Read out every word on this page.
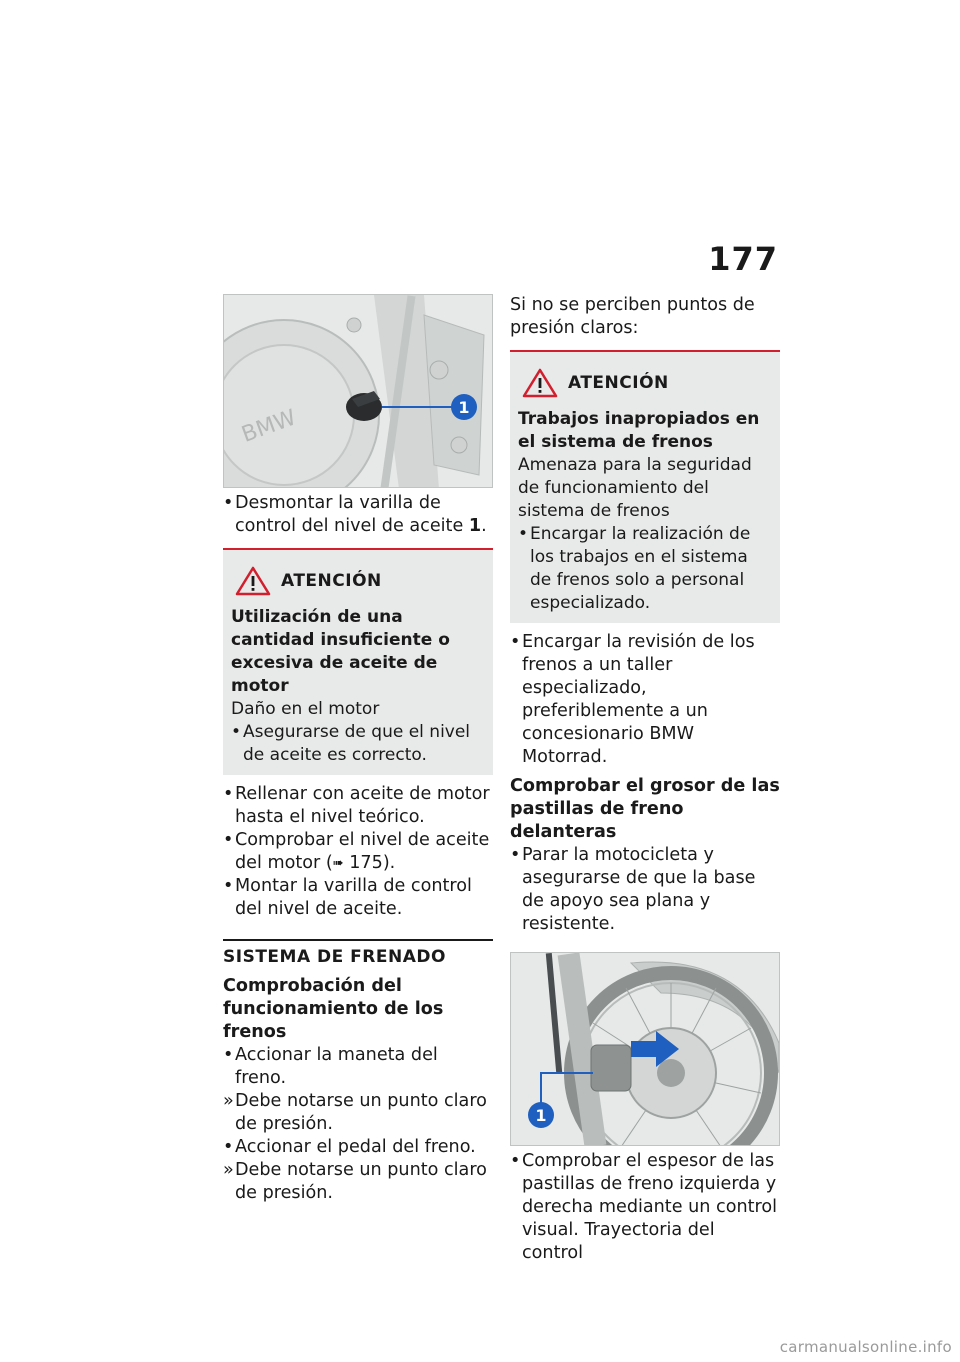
177
BMW	1
• Desmontar la varilla de control del nivel de aceite 1.
ATENCIÓN
Utilización de una cantidad insuficiente o excesiva de aceite de motor
Daño en el motor
• Asegurarse de que el nivel de aceite es correcto.
• Rellenar con aceite de motor hasta el nivel teórico.
• Comprobar el nivel de aceite del motor (➠ 175).
• Montar la varilla de control del nivel de aceite.
SISTEMA DE FRENADO
Comprobación del funcionamiento de los frenos
• Accionar la maneta del freno.
» Debe notarse un punto claro de presión.
• Accionar el pedal del freno.
» Debe notarse un punto claro de presión.
Si no se perciben puntos de presión claros:
ATENCIÓN
Trabajos inapropiados en el sistema de frenos
Amenaza para la seguridad de funcionamiento del sistema de frenos
• Encargar la realización de los trabajos en el sistema de frenos solo a personal especializado.
• Encargar la revisión de los frenos a un taller especializado, preferiblemente a un concesionario BMW Motorrad.
Comprobar el grosor de las pastillas de freno delanteras
• Parar la motocicleta y asegurarse de que la base de apoyo sea plana y resistente.
1
• Comprobar el espesor de las pastillas de freno izquierda y derecha mediante un control visual. Trayectoria del control
carmanualsonline.info
